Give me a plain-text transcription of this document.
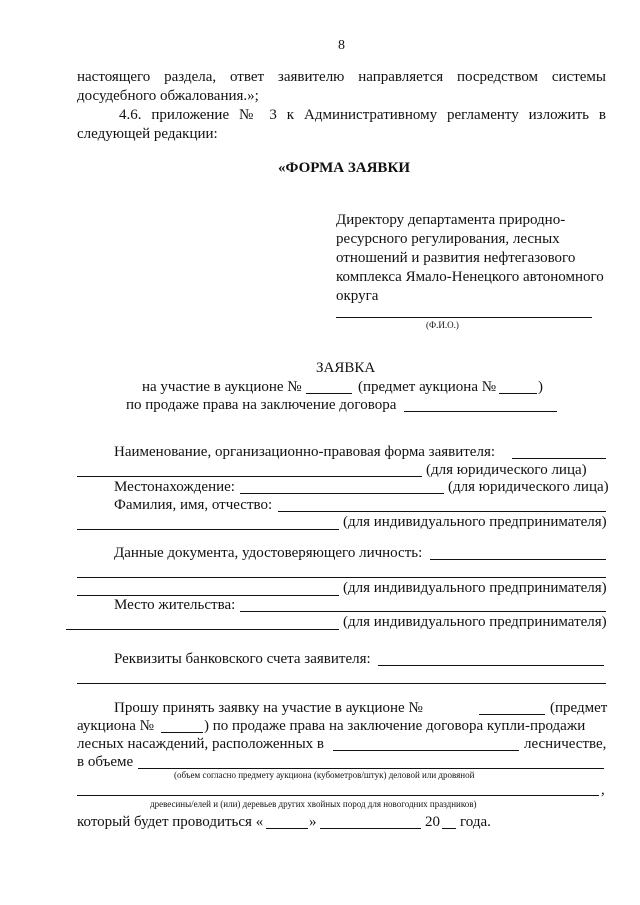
8
настоящего раздела, ответ заявителю направляется посредством системы
досудебного обжалования.»;
4.6. приложение № 3 к Административному регламенту изложить в
следующей редакции:
«ФОРМА ЗАЯВКИ
Директору департамента природно-
ресурсного регулирования, лесных
отношений и развития нефтегазового
комплекса Ямало-Ненецкого автономного
округа
(Ф.И.О.)
ЗАЯВКА
на участие в аукционе №	(предмет аукциона №	)
по продаже права на заключение договора
Наименование, организационно-правовая форма заявителя:
(для юридического лица)
Местонахождение:	(для юридического лица)
Фамилия, имя, отчество:
(для индивидуального предпринимателя)
Данные документа, удостоверяющего личность:
(для индивидуального предпринимателя)
Место жительства:
(для индивидуального предпринимателя)
Реквизиты банковского счета заявителя:
Прошу принять заявку на участие в аукционе №	(предмет
аукциона №	) по продаже права на заключение договора купли-продажи
лесных насаждений, расположенных в	лесничестве,
в объеме
(объем согласно предмету аукциона (кубометров/штук) деловой или дровяной
,
древесины/елей и (или) деревьев других хвойных пород для новогодних праздников)
который будет проводиться «	»	20 года.
